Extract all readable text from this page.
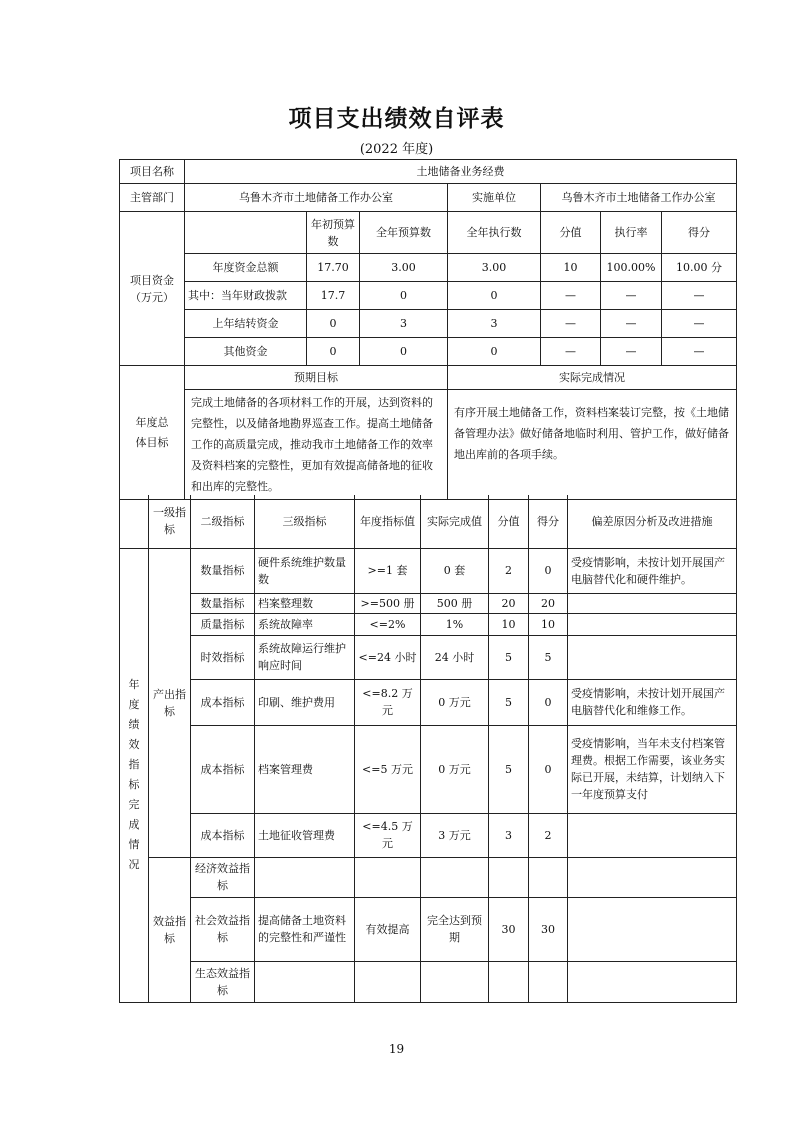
项目支出绩效自评表
(2022 年度)
项目名称	土地储备业务经费						
主管部门	乌鲁木齐市土地储备工作办公室			实施单位	乌鲁木齐市土地储备工作办公室		

项目资金
（万元）		年初预算数	全年预算数	全年执行数	分值	执行率	得分
	年度资金总额	17.70	3.00	3.00	10	100.00%	10.00 分
	其中：当年财政拨款	17.7	0	0	—	—	—
	上年结转资金	0	3	3	—	—	—
	其他资金	0	0	0	—	—	—
年度总体目标	预期目标			实际完成情况			
	完成土地储备的各项材料工作的开展，达到资料的完整性，以及储备地勘界巡查工作。提高土地储备工作的高质量完成，推动我市土地储备工作的效率及资料档案的完整性，更加有效提高储备地的征收和出库的完整性。			有序开展土地储备工作，资料档案装订完整，按《土地储备管理办法》做好储备地临时利用、管护工作，做好储备地出库前的各项手续。			
	一级指标	二级指标	三级指标	年度指标值	实际完成值	分值	得分	偏差原因分析及改进措施
年度绩效指标完成情况	产出指标	数量指标	硬件系统维护数量数	>=1 套	0 套	2	0	受疫情影响，未按计划开展国产电脑替代化和硬件维护。
		数量指标	档案整理数	>=500 册	500 册	20	20	
		质量指标	系统故障率	<=2%	1%	10	10	
		时效指标	系统故障运行维护响应时间	<=24 小时	24 小时	5	5	
		成本指标	印刷、维护费用	<=8.2 万元	0 万元	5	0	受疫情影响，未按计划开展国产电脑替代化和维修工作。
		成本指标	档案管理费	<=5 万元	0 万元	5	0	受疫情影响，当年未支付档案管理费。根据工作需要，该业务实际已开展，未结算，计划纳入下一年度预算支付
		成本指标	土地征收管理费	<=4.5 万元	3 万元	3	2	
	效益指标	经济效益指标						
		社会效益指标	提高储备土地资料的完整性和严谨性	有效提高	完全达到预期	30	30	
		生态效益指标						
19
